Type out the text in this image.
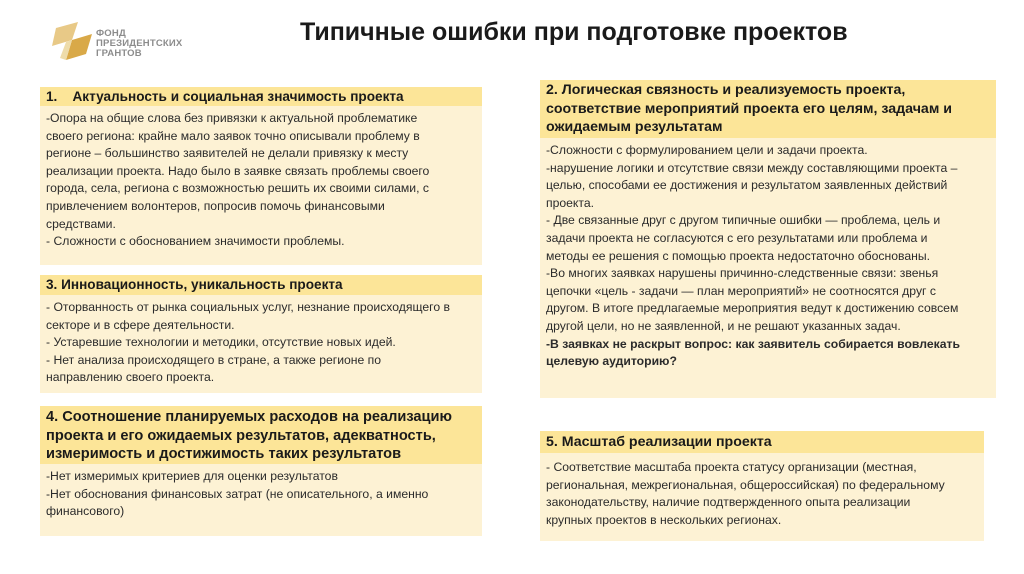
ФОНД
ПРЕЗИДЕНТСКИХ
ГРАНТОВ
Типичные ошибки при подготовке проектов
1. Актуальность и социальная значимость проекта

-Опора на общие слова без привязки к актуальной проблематике

своего региона: крайне мало заявок точно описывали проблему в

регионе – большинство заявителей не делали привязку к месту

реализации проекта. Надо было в заявке связать проблемы своего

города, села, региона с возможностью решить их своими силами, с

привлечением волонтеров, попросив помочь финансовыми

средствами.

- Сложности с обоснованием значимости проблемы.

3. Инновационность, уникальность проекта

- Оторванность от рынка социальных услуг, незнание происходящего в

секторе и в сфере деятельности.

- Устаревшие технологии и методики, отсутствие новых идей.

- Нет анализа происходящего в стране, а также регионе по

направлению своего проекта.

4. Соотношение планируемых расходов на реализацию
проекта и его ожидаемых результатов, адекватность,
измеримость и достижимость таких результатов

-Нет измеримых критериев для оценки результатов

-Нет обоснования финансовых затрат (не описательного, а именно

финансового)

2. Логическая связность и реализуемость проекта,
соответствие мероприятий проекта его целям, задачам и
ожидаемым результатам

-Сложности с формулированием цели и задачи проекта.

-нарушение логики и отсутствие связи между составляющими проекта –

целью, способами ее достижения и результатом заявленных действий

проекта.

- Две связанные друг с другом типичные ошибки — проблема, цель и

задачи проекта не согласуются с его результатами или проблема и

методы ее решения с помощью проекта недостаточно обоснованы.

-Во многих заявках нарушены причинно-следственные связи: звенья

цепочки «цель - задачи — план мероприятий» не соотносятся друг с

другом. В итоге предлагаемые мероприятия ведут к достижению совсем

другой цели, но не заявленной, и не решают указанных задач.

-В заявках не раскрыт вопрос: как заявитель собирается вовлекать

целевую аудиторию?

5. Масштаб реализации проекта

- Соответствие масштаба проекта статусу организации (местная,

региональная, межрегиональная, общероссийская) по федеральному

законодательству, наличие подтвержденного опыта реализации

крупных проектов в нескольких регионах.
